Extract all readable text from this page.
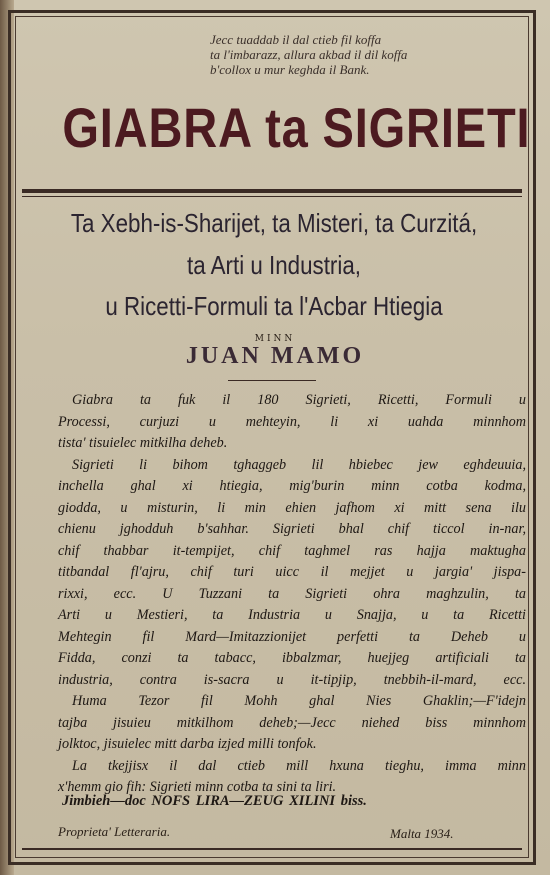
Jecc tuaddab il dal ctieb fil koffa
ta l'imbarazz, allura akbad il dil koffa
b'collox u mur keghda il Bank.
GIABRA ta SIGRIETI
Ta Xebh-is-Sharijet, ta Misteri, ta Curzitá,
ta Arti u Industria,
u Ricetti-Formuli ta l'Acbar Htiegia
MINN
JUAN MAMO
Giabra ta fuk il 180 Sigrieti, Ricetti, Formuli u
Processi, curjuzi u mehteyin, li xi uahda minnhom
tista' tisuielec mitkilha deheb.
Sigrieti li bihom tghaggeb lil hbiebec jew eghdeuuia,
inchella ghal xi htiegia, mig'burin minn cotba kodma,
giodda, u misturin, li min ehien jafhom xi mitt sena ilu
chienu jghodduh b'sahhar. Sigrieti bhal chif ticcol in-nar,
chif thabbar it-tempijet, chif taghmel ras hajja maktugha
titbandal fl'ajru, chif turi uicc il mejjet u jargia' jispa-
rixxi, ecc. U Tuzzani ta Sigrieti ohra maghzulin, ta
Arti u Mestieri, ta Industria u Snajja, u ta Ricetti
Mehtegin fil Mard—Imitazzionijet perfetti ta Deheb u
Fidda, conzi ta tabacc, ibbalzmar, huejjeg artificiali ta
industria, contra is-sacra u it-tipjip, tnebbih-il-mard, ecc.
Huma Tezor fil Mohh ghal Nies Ghaklin;—F'idejn
tajba jisuieu mitkilhom deheb;—Jecc niehed biss minnhom
jolktoc, jisuielec mitt darba izjed milli tonfok.
La tkejjisx il dal ctieb mill hxuna tieghu, imma minn
x'hemm gio fih: Sigrieti minn cotba ta sini ta liri.
Jimbieh—doc NOFS LIRA—ZEUG XILINI biss.
Proprieta' Letteraria.	Malta 1934.
